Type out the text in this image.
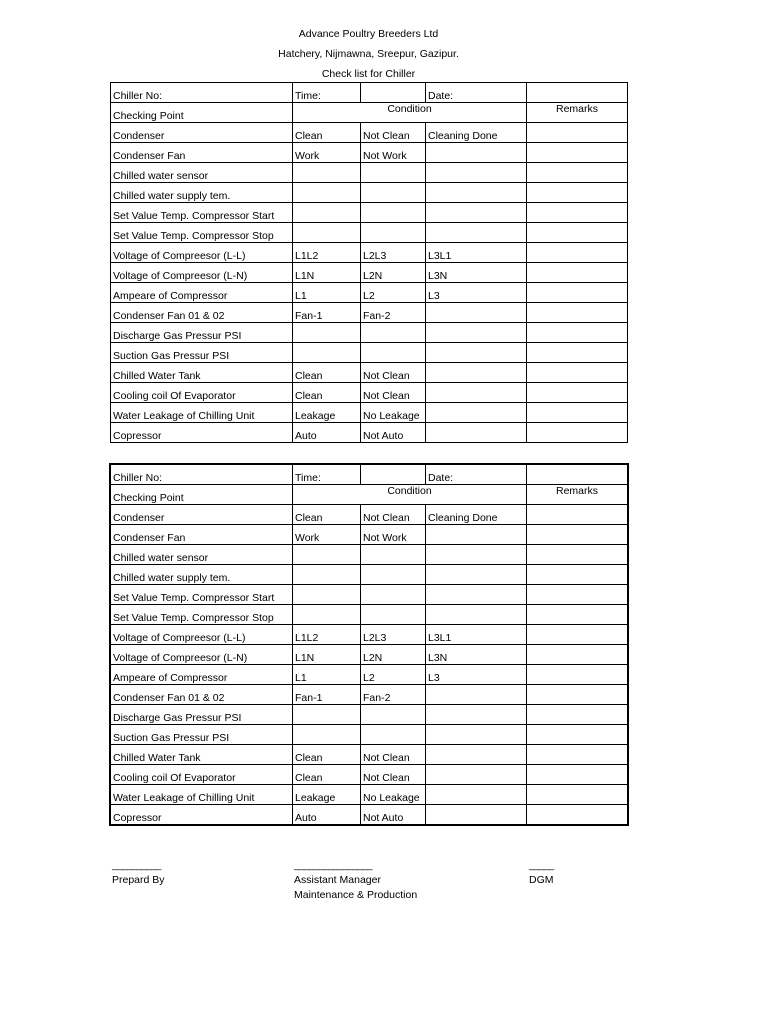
Advance Poultry Breeders Ltd
Hatchery, Nijmawna, Sreepur, Gazipur.
Check list for Chiller
Chiller No:	Time:		Date:	
Checking Point	Condition			Remarks
Condenser	Clean	Not Clean	Cleaning Done	
Condenser Fan	Work	Not Work		
Chilled water sensor				
Chilled water supply tem.				
Set Value Temp. Compressor Start				
Set Value Temp. Compressor Stop				
Voltage of Compreesor (L-L)	L1L2	L2L3	L3L1	
Voltage of Compreesor (L-N)	L1N	L2N	L3N	
Ampeare of Compressor	L1	L2	L3	
Condenser Fan 01 & 02	Fan-1	Fan-2		
Discharge Gas Pressur PSI				
Suction Gas Pressur PSI				
Chilled Water Tank	Clean	Not Clean		
Cooling coil Of Evaporator	Clean	Not Clean		
Water Leakage of Chilling Unit	Leakage	No Leakage		
Copressor	Auto	Not Auto		
Chiller No:	Time:		Date:	
Checking Point	Condition			Remarks
Condenser	Clean	Not Clean	Cleaning Done	
Condenser Fan	Work	Not Work		
Chilled water sensor				
Chilled water supply tem.				
Set Value Temp. Compressor Start				
Set Value Temp. Compressor Stop				
Voltage of Compreesor (L-L)	L1L2	L2L3	L3L1	
Voltage of Compreesor (L-N)	L1N	L2N	L3N	
Ampeare of Compressor	L1	L2	L3	
Condenser Fan 01 & 02	Fan-1	Fan-2		
Discharge Gas Pressur PSI				
Suction Gas Pressur PSI				
Chilled Water Tank	Clean	Not Clean		
Cooling coil Of Evaporator	Clean	Not Clean		
Water Leakage of Chilling Unit	Leakage	No Leakage		
Copressor	Auto	Not Auto		
__________
Prepard By
________________
Assistant Manager
Maintenance & Production
_____
DGM
